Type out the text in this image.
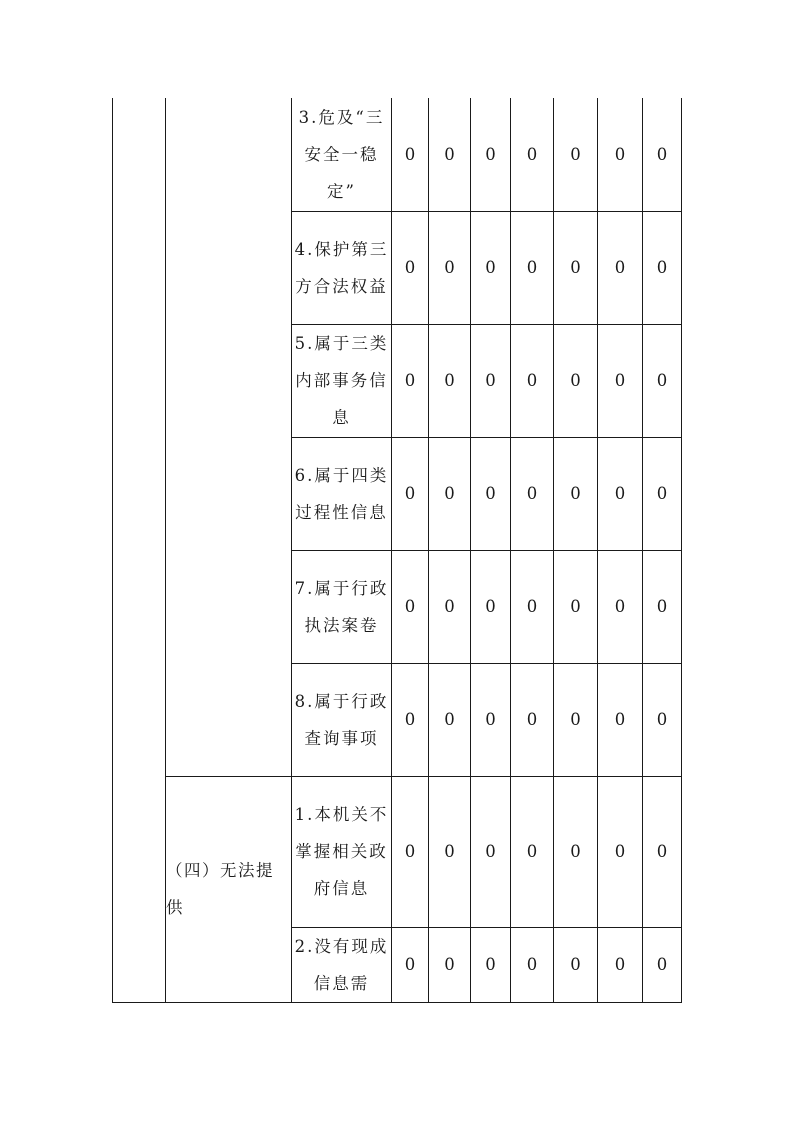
		3.危及“三安全一稳定”	0	0	0	0	0	0	0

		4.保护第三方合法权益	0	0	0	0	0	0	0

		5.属于三类内部事务信息	0	0	0	0	0	0	0

		6.属于四类过程性信息	0	0	0	0	0	0	0

		7.属于行政执法案卷	0	0	0	0	0	0	0

		8.属于行政查询事项	0	0	0	0	0	0	0

	（四）无法提供	1.本机关不掌握相关政府信息	0	0	0	0	0	0	0

		2.没有现成信息需	0	0	0	0	0	0	0
